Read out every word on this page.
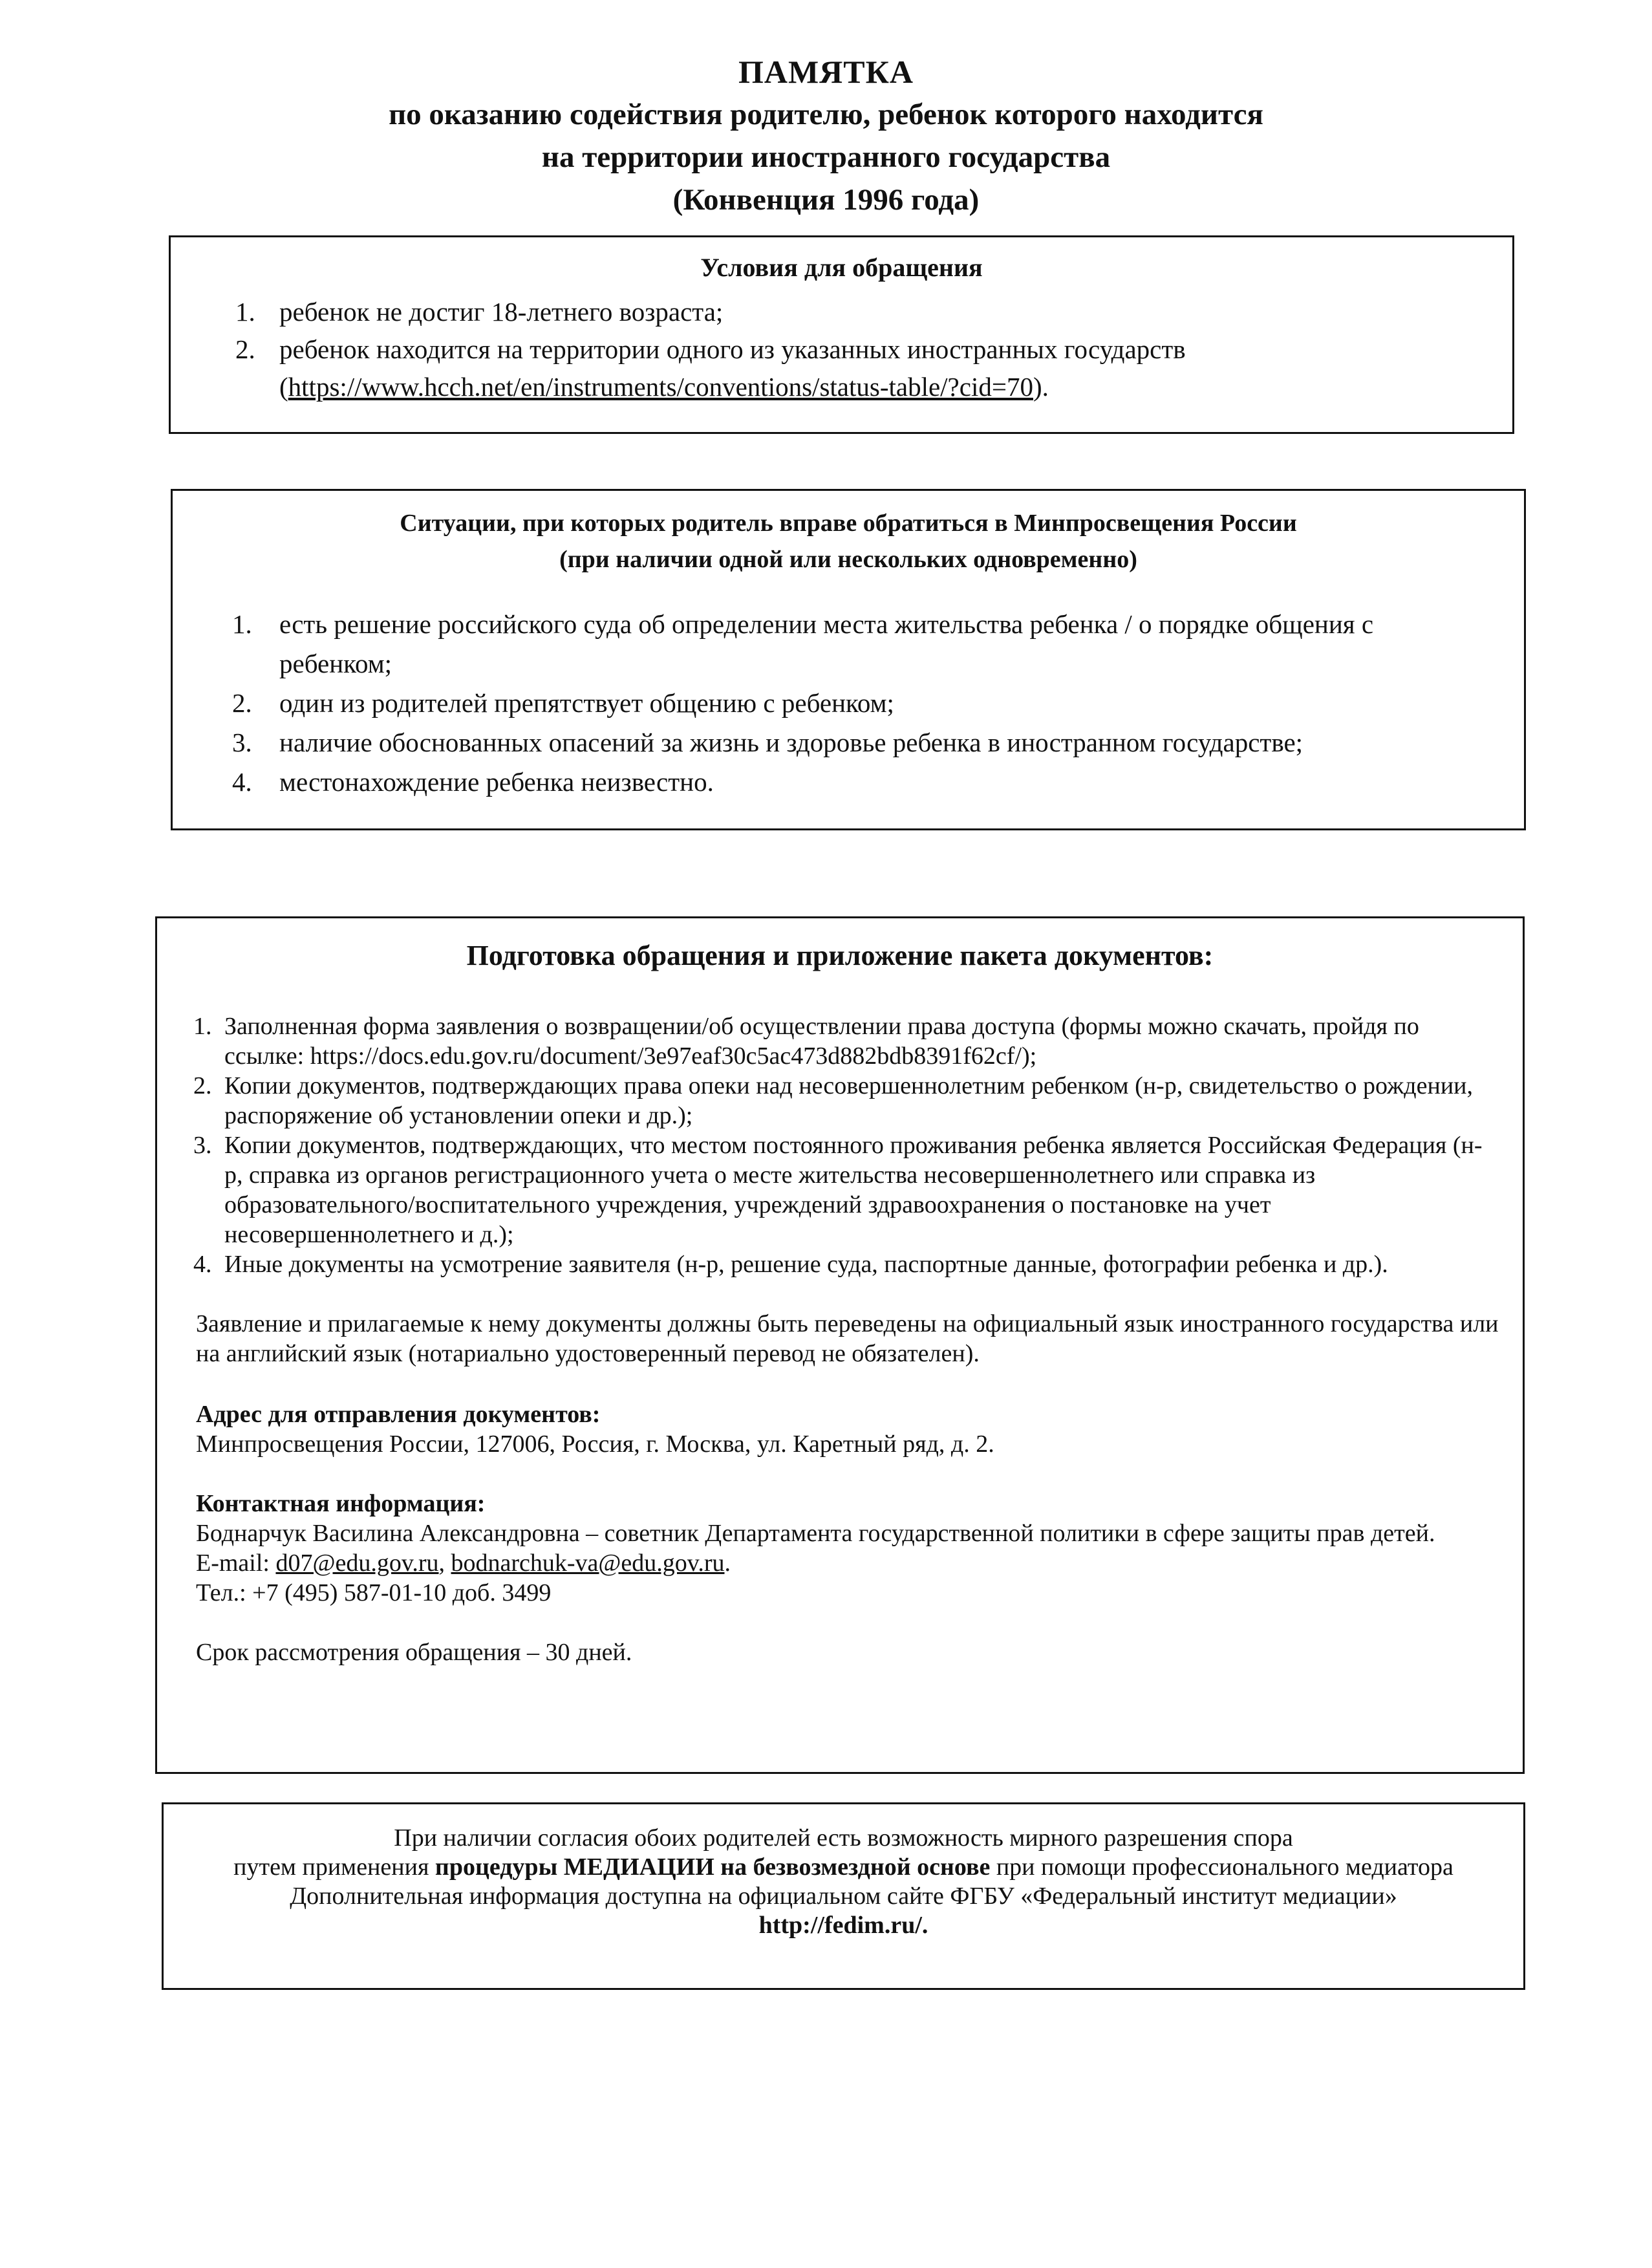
ПАМЯТКА
по оказанию содействия родителю, ребенок которого находится
на территории иностранного государства
(Конвенция 1996 года)
Условия для обращения
1. ребенок не достиг 18-летнего возраста;
2. ребенок находится на территории одного из указанных иностранных государств
(https://www.hcch.net/en/instruments/conventions/status-table/?cid=70).
Ситуации, при которых родитель вправе обратиться в Минпросвещения России
(при наличии одной или нескольких одновременно)
1. есть решение российского суда об определении места жительства ребенка / о порядке общения с ребенком;
2. один из родителей препятствует общению с ребенком;
3. наличие обоснованных опасений за жизнь и здоровье ребенка в иностранном государстве;
4. местонахождение ребенка неизвестно.
Подготовка обращения и приложение пакета документов:
1. Заполненная форма заявления о возвращении/об осуществлении права доступа (формы можно скачать, пройдя по ссылке: https://docs.edu.gov.ru/document/3e97eaf30c5ac473d882bdb8391f62cf/);
2. Копии документов, подтверждающих права опеки над несовершеннолетним ребенком (н-р, свидетельство о рождении, распоряжение об установлении опеки и др.);
3. Копии документов, подтверждающих, что местом постоянного проживания ребенка является Российская Федерация (н-р, справка из органов регистрационного учета о месте жительства несовершеннолетнего или справка из образовательного/воспитательного учреждения, учреждений здравоохранения о постановке на учет несовершеннолетнего и д.);
4. Иные документы на усмотрение заявителя (н-р, решение суда, паспортные данные, фотографии ребенка и др.).
Заявление и прилагаемые к нему документы должны быть переведены на официальный язык иностранного государства или на английский язык (нотариально удостоверенный перевод не обязателен).
Адрес для отправления документов:
Минпросвещения России, 127006, Россия, г. Москва, ул. Каретный ряд, д. 2.
Контактная информация:
Боднарчук Василина Александровна – советник Департамента государственной политики в сфере защиты прав детей.
E-mail: d07@edu.gov.ru, bodnarchuk-va@edu.gov.ru.
Тел.: +7 (495) 587-01-10 доб. 3499
Срок рассмотрения обращения – 30 дней.
При наличии согласия обоих родителей есть возможность мирного разрешения спора
путем применения процедуры МЕДИАЦИИ на безвозмездной основе при помощи профессионального медиатора
Дополнительная информация доступна на официальном сайте ФГБУ «Федеральный институт медиации»
http://fedim.ru/.
